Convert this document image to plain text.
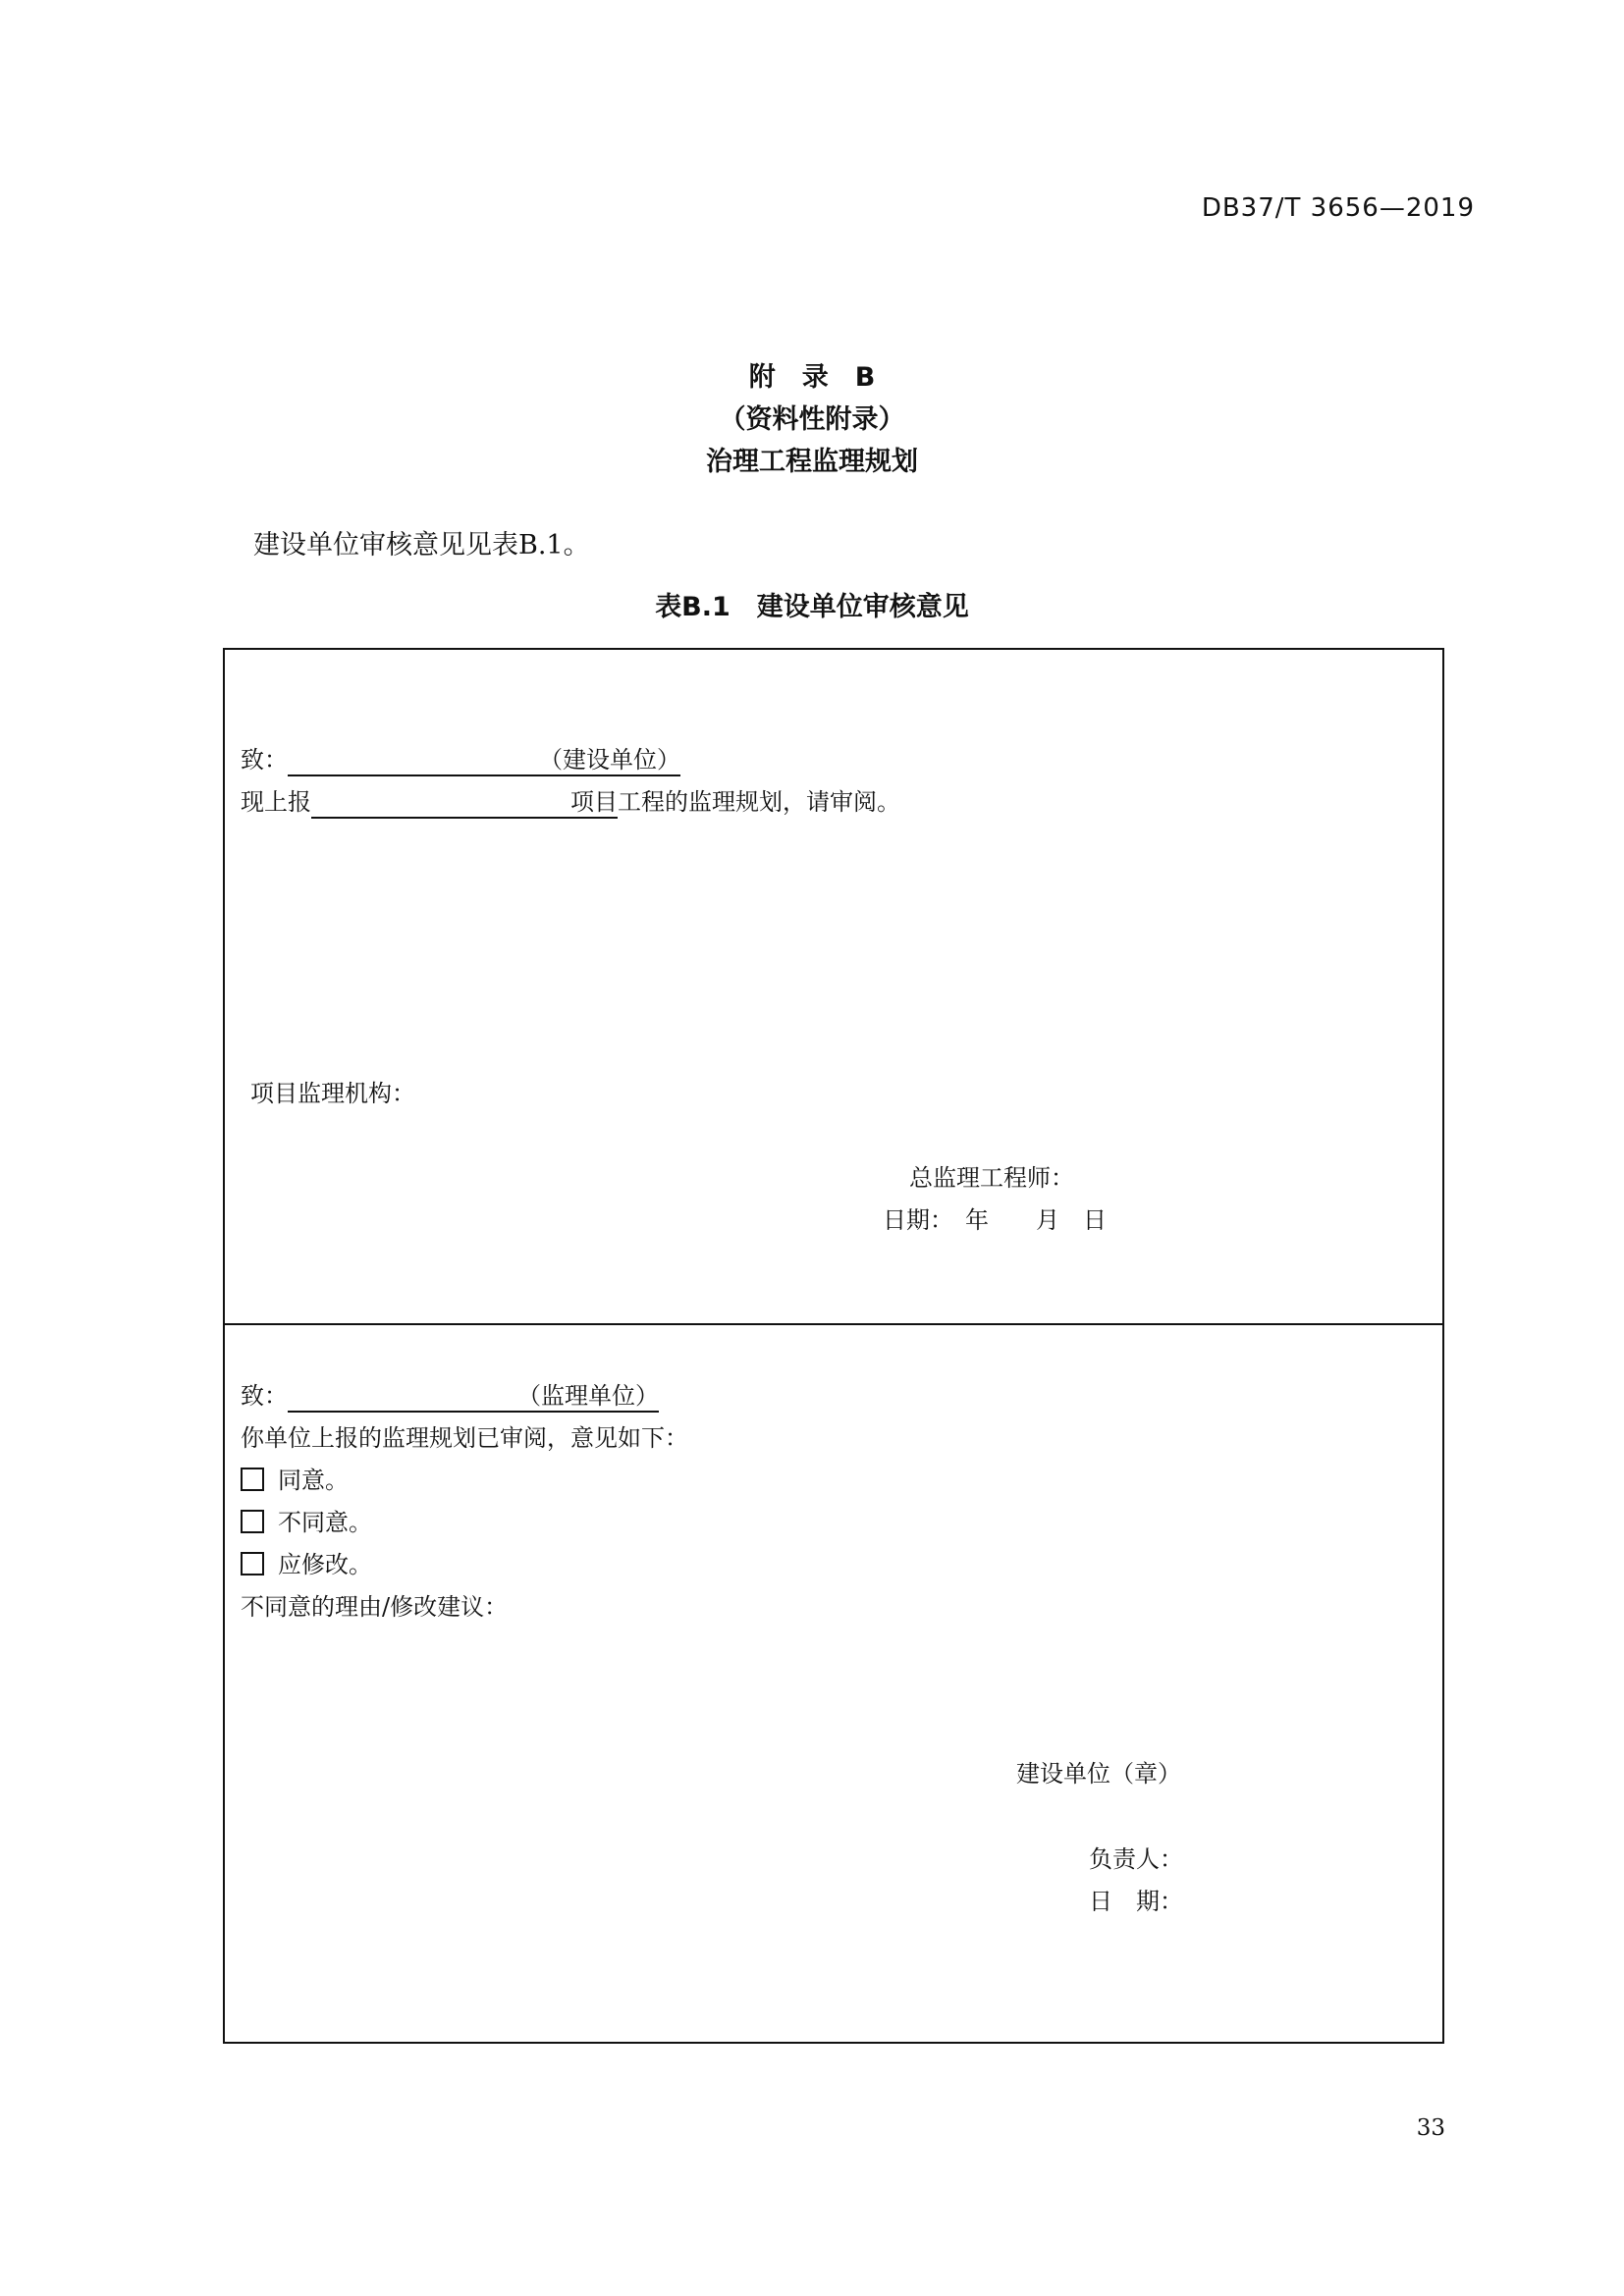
DB37/T 3656—2019
附　录　B
（资料性附录）
治理工程监理规划
建设单位审核意见见表B.1。
表B.1　建设单位审核意见
致：	（建设单位）
现上报	项目工程的监理规划，请审阅。
项目监理机构：
总监理工程师：
日期：　年　　月　日
致：	（监理单位）
你单位上报的监理规划已审阅，意见如下：
同意。
不同意。
应修改。
不同意的理由/修改建议：
建设单位（章）
负责人：
日　期：
33
